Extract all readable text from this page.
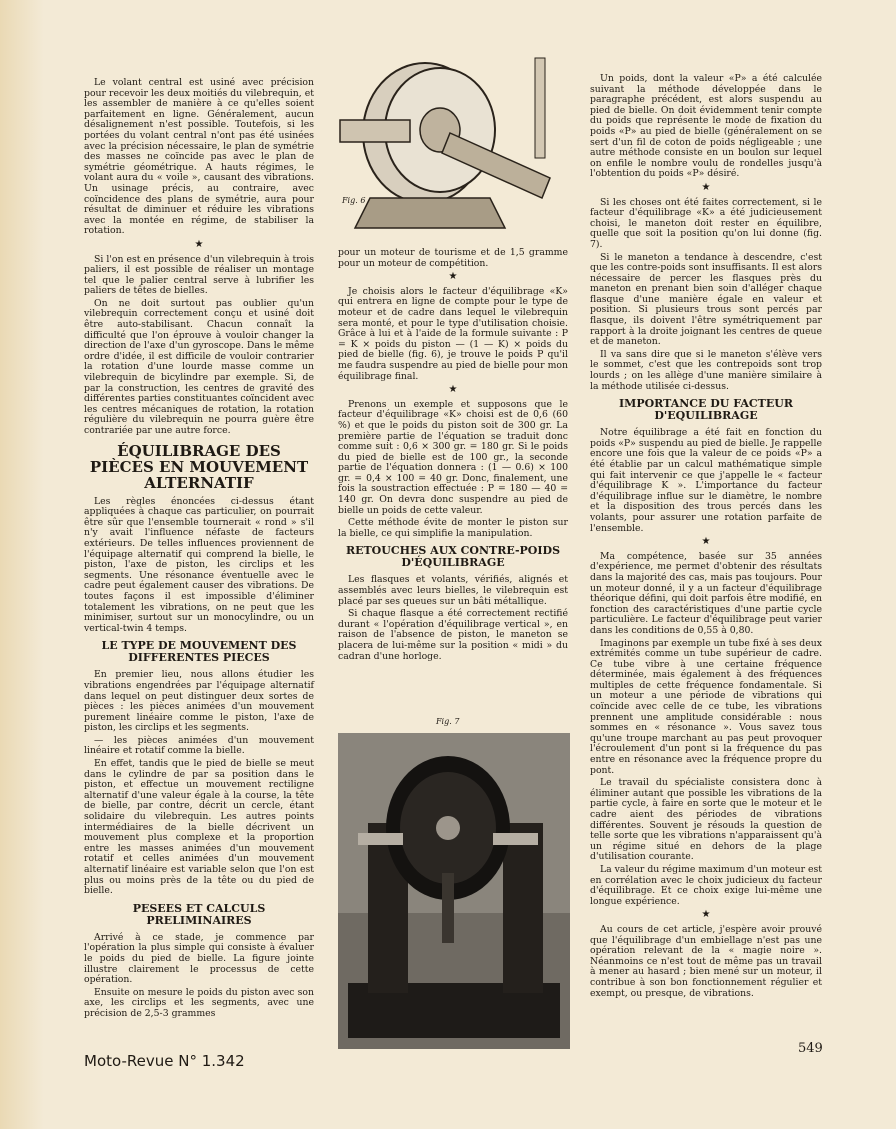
Le volant central est usiné avec précision pour recevoir les deux moitiés du vilebrequin, et les assembler de manière à ce qu'elles soient parfaitement en ligne. Généralement, aucun désalignement n'est possible. Toutefois, si les portées du volant central n'ont pas été usinées avec la précision nécessaire, le plan de symétrie des masses ne coïncide pas avec le plan de symétrie géométrique. A hauts régimes, le volant aura du « voile », causant des vibrations. Un usinage précis, au contraire, avec coïncidence des plans de symétrie, aura pour résultat de diminuer et réduire les vibrations avec la montée en régime, de stabiliser la rotation.

★

Si l'on est en présence d'un vilebrequin à trois paliers, il est possible de réaliser un montage tel que le palier central serve à lubrifier les paliers de têtes de bielles.

On ne doit surtout pas oublier qu'un vilebrequin correctement conçu et usiné doit être auto-stabilisant. Chacun connaît la difficulté que l'on éprouve à vouloir changer la direction de l'axe d'un gyroscope. Dans le même ordre d'idée, il est difficile de vouloir contrarier la rotation d'une lourde masse comme un vilebrequin de bicylindre par exemple. Si, de par la construction, les centres de gravité des différentes parties constituantes coïncident avec les centres mécaniques de rotation, la rotation régulière du vilebrequin ne pourra guère être contrariée par une autre force.

ÉQUILIBRAGE DES PIÈCES EN MOUVEMENT ALTERNATIF

Les règles énoncées ci-dessus étant appliquées à chaque cas particulier, on pourrait être sûr que l'ensemble tournerait « rond » s'il n'y avait l'influence néfaste de facteurs extérieurs. De telles influences proviennent de l'équipage alternatif qui comprend la bielle, le piston, l'axe de piston, les circlips et les segments. Une résonance éventuelle avec le cadre peut également causer des vibrations. De toutes façons il est impossible d'éliminer totalement les vibrations, on ne peut que les minimiser, surtout sur un monocylindre, ou un vertical-twin 4 temps.

LE TYPE DE MOUVEMENT DES DIFFERENTES PIECES

En premier lieu, nous allons étudier les vibrations engendrées par l'équipage alternatif dans lequel on peut distinguer deux sortes de pièces : les pièces animées d'un mouvement purement linéaire comme le piston, l'axe de piston, les circlips et les segments.

— les pièces animées d'un mouvement linéaire et rotatif comme la bielle.

En effet, tandis que le pied de bielle se meut dans le cylindre de par sa position dans le piston, et effectue un mouvement rectiligne alternatif d'une valeur égale à la course, la tête de bielle, par contre, décrit un cercle, étant solidaire du vilebrequin. Les autres points intermédiaires de la bielle décrivent un mouvement plus complexe et la proportion entre les masses animées d'un mouvement rotatif et celles animées d'un mouvement alternatif linéaire est variable selon que l'on est plus ou moins près de la tête ou du pied de bielle.

PESEES ET CALCULS PRELIMINAIRES

Arrivé à ce stade, je commence par l'opération la plus simple qui consiste à évaluer le poids du pied de bielle. La figure jointe illustre clairement le processus de cette opération.

Ensuite on mesure le poids du piston avec son axe, les circlips et les segments, avec une précision de 2,5-3 grammes

Fig. 6

pour un moteur de tourisme et de 1,5 gramme pour un moteur de compétition.

★

Je choisis alors le facteur d'équilibrage «K» qui entrera en ligne de compte pour le type de moteur et de cadre dans lequel le vilebrequin sera monté, et pour le type d'utilisation choisie. Grâce à lui et à l'aide de la formule suivante : P = K × poids du piston — (1 — K) × poids du pied de bielle (fig. 6), je trouve le poids P qu'il me faudra suspendre au pied de bielle pour mon équilibrage final.

★

Prenons un exemple et supposons que le facteur d'équilibrage «K» choisi est de 0,6 (60 %) et que le poids du piston soit de 300 gr. La première partie de l'équation se traduit donc comme suit : 0,6 × 300 gr. = 180 gr. Si le poids du pied de bielle est de 100 gr., la seconde partie de l'équation donnera : (1 — 0.6) × 100 gr. = 0,4 × 100 = 40 gr. Donc, finalement, une fois la soustraction effectuée : P = 180 — 40 = 140 gr. On devra donc suspendre au pied de bielle un poids de cette valeur.

Cette méthode évite de monter le piston sur la bielle, ce qui simplifie la manipulation.

RETOUCHES AUX CONTRE-POIDS D'ÉQUILIBRAGE

Les flasques et volants, vérifiés, alignés et assemblés avec leurs bielles, le vilebrequin est placé par ses queues sur un bâti métallique.

Si chaque flasque a été correctement rectifié durant « l'opération d'équilibrage vertical », en raison de l'absence de piston, le maneton se placera de lui-même sur la position « midi » du cadran d'une horloge.

Fig. 7

Un poids, dont la valeur «P» a été calculée suivant la méthode développée dans le paragraphe précédent, est alors suspendu au pied de bielle. On doit évidemment tenir compte du poids que représente le mode de fixation du poids «P» au pied de bielle (généralement on se sert d'un fil de coton de poids négligeable ; une autre méthode consiste en un boulon sur lequel on enfile le nombre voulu de rondelles jusqu'à l'obtention du poids «P» désiré.

★

Si les choses ont été faites correctement, si le facteur d'équilibrage «K» a été judicieusement choisi, le maneton doit rester en équilibre, quelle que soit la position qu'on lui donne (fig. 7).

Si le maneton a tendance à descendre, c'est que les contre-poids sont insuffisants. Il est alors nécessaire de percer les flasques près du maneton en prenant bien soin d'alléger chaque flasque d'une manière égale en valeur et position. Si plusieurs trous sont percés par flasque, ils doivent l'être symétriquement par rapport à la droite joignant les centres de queue et de maneton.

Il va sans dire que si le maneton s'élève vers le sommet, c'est que les contrepoids sont trop lourds ; on les allège d'une manière similaire à la méthode utilisée ci-dessus.

IMPORTANCE DU FACTEUR D'EQUILIBRAGE

Notre équilibrage a été fait en fonction du poids «P» suspendu au pied de bielle. Je rappelle encore une fois que la valeur de ce poids «P» a été établie par un calcul mathématique simple qui fait intervenir ce que j'appelle le « facteur d'équilibrage K ». L'importance du facteur d'équilibrage influe sur le diamètre, le nombre et la disposition des trous percés dans les volants, pour assurer une rotation parfaite de l'ensemble.

★

Ma compétence, basée sur 35 années d'expérience, me permet d'obtenir des résultats dans la majorité des cas, mais pas toujours. Pour un moteur donné, il y a un facteur d'équilibrage théorique défini, qui doit parfois être modifié, en fonction des caractéristiques d'une partie cycle particulière. Le facteur d'équilibrage peut varier dans les conditions de 0,55 à 0,80.

Imaginons par exemple un tube fixé à ses deux extrémités comme un tube supérieur de cadre. Ce tube vibre à une certaine fréquence déterminée, mais également à des fréquences multiples de cette fréquence fondamentale. Si un moteur a une période de vibrations qui coïncide avec celle de ce tube, les vibrations prennent une amplitude considérable : nous sommes en « résonance ». Vous savez tous qu'une troupe marchant au pas peut provoquer l'écroulement d'un pont si la fréquence du pas entre en résonance avec la fréquence propre du pont.

Le travail du spécialiste consistera donc à éliminer autant que possible les vibrations de la partie cycle, à faire en sorte que le moteur et le cadre aient des périodes de vibrations différentes. Souvent je résouds la question de telle sorte que les vibrations n'apparaissent qu'à un régime situé en dehors de la plage d'utilisation courante.

La valeur du régime maximum d'un moteur est en corrélation avec le choix judicieux du facteur d'équilibrage. Et ce choix exige lui-même une longue expérience.

★

Au cours de cet article, j'espère avoir prouvé que l'équilibrage d'un embiellage n'est pas une opération relevant de la « magie noire ». Néanmoins ce n'est tout de même pas un travail à mener au hasard ; bien mené sur un moteur, il contribue à son bon fonctionnement régulier et exempt, ou presque, de vibrations.

Moto-Revue N° 1.342
549
